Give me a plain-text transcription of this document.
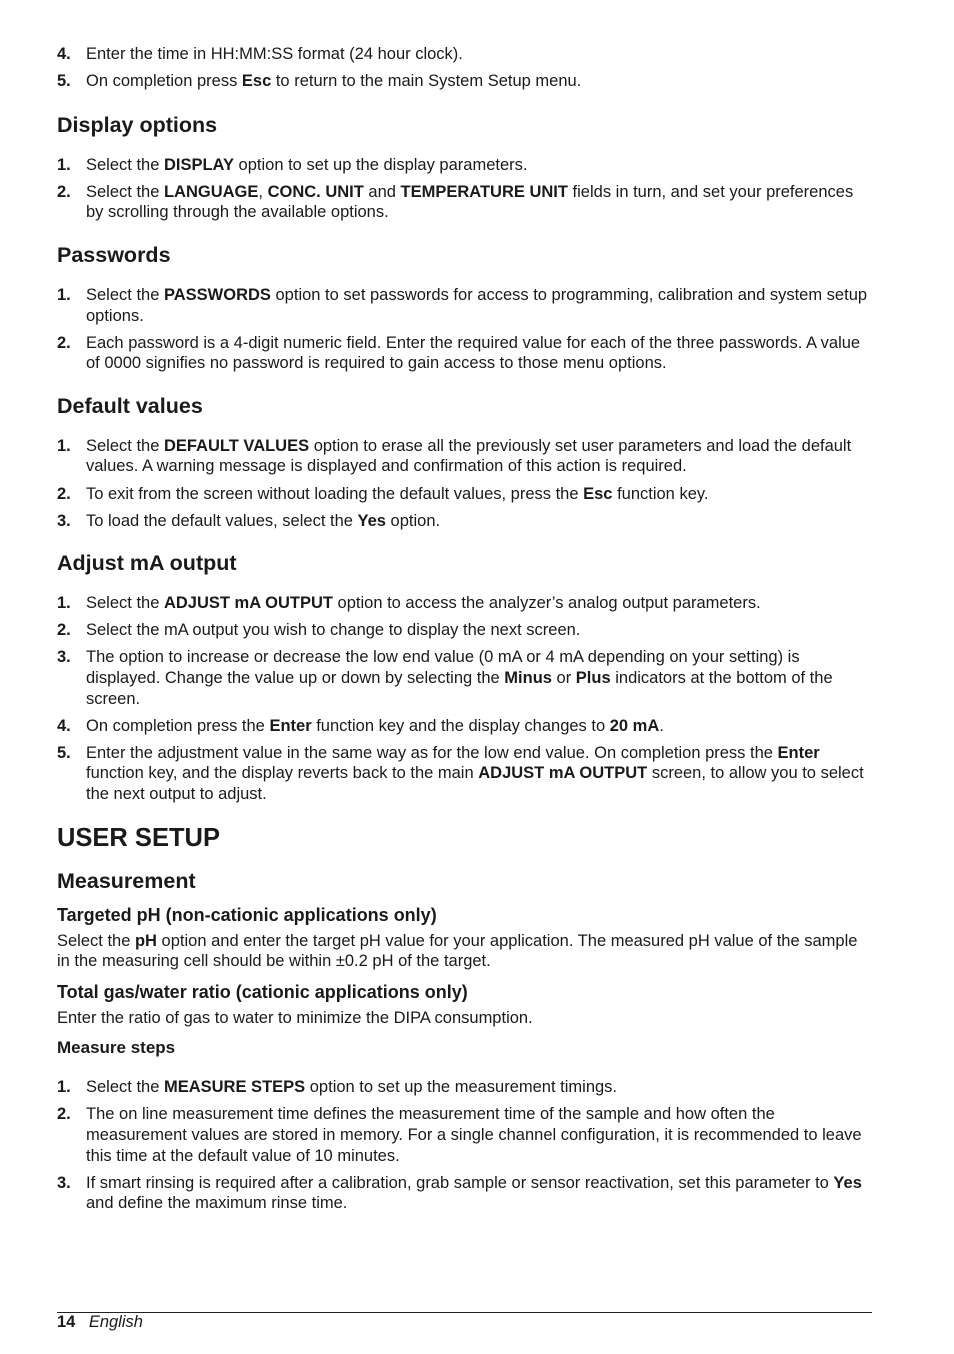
4. Enter the time in HH:MM:SS format (24 hour clock).
5. On completion press Esc to return to the main System Setup menu.
Display options
1. Select the DISPLAY option to set up the display parameters.
2. Select the LANGUAGE, CONC. UNIT and TEMPERATURE UNIT fields in turn, and set your preferences by scrolling through the available options.
Passwords
1. Select the PASSWORDS option to set passwords for access to programming, calibration and system setup options.
2. Each password is a 4-digit numeric field. Enter the required value for each of the three passwords. A value of 0000 signifies no password is required to gain access to those menu options.
Default values
1. Select the DEFAULT VALUES option to erase all the previously set user parameters and load the default values. A warning message is displayed and confirmation of this action is required.
2. To exit from the screen without loading the default values, press the Esc function key.
3. To load the default values, select the Yes option.
Adjust mA output
1. Select the ADJUST mA OUTPUT option to access the analyzer’s analog output parameters.
2. Select the mA output you wish to change to display the next screen.
3. The option to increase or decrease the low end value (0 mA or 4 mA depending on your setting) is displayed. Change the value up or down by selecting the Minus or Plus indicators at the bottom of the screen.
4. On completion press the Enter function key and the display changes to 20 mA.
5. Enter the adjustment value in the same way as for the low end value. On completion press the Enter function key, and the display reverts back to the main ADJUST mA OUTPUT screen, to allow you to select the next output to adjust.
USER SETUP
Measurement
Targeted pH (non-cationic applications only)

Select the pH option and enter the target pH value for your application. The measured pH value of the sample in the measuring cell should be within ±0.2 pH of the target.

Total gas/water ratio (cationic applications only)

Enter the ratio of gas to water to minimize the DIPA consumption.

Measure steps
1. Select the MEASURE STEPS option to set up the measurement timings.
2. The on line measurement time defines the measurement time of the sample and how often the measurement values are stored in memory. For a single channel configuration, it is recommended to leave this time at the default value of 10 minutes.
3. If smart rinsing is required after a calibration, grab sample or sensor reactivation, set this parameter to Yes and define the maximum rinse time.
14 English
